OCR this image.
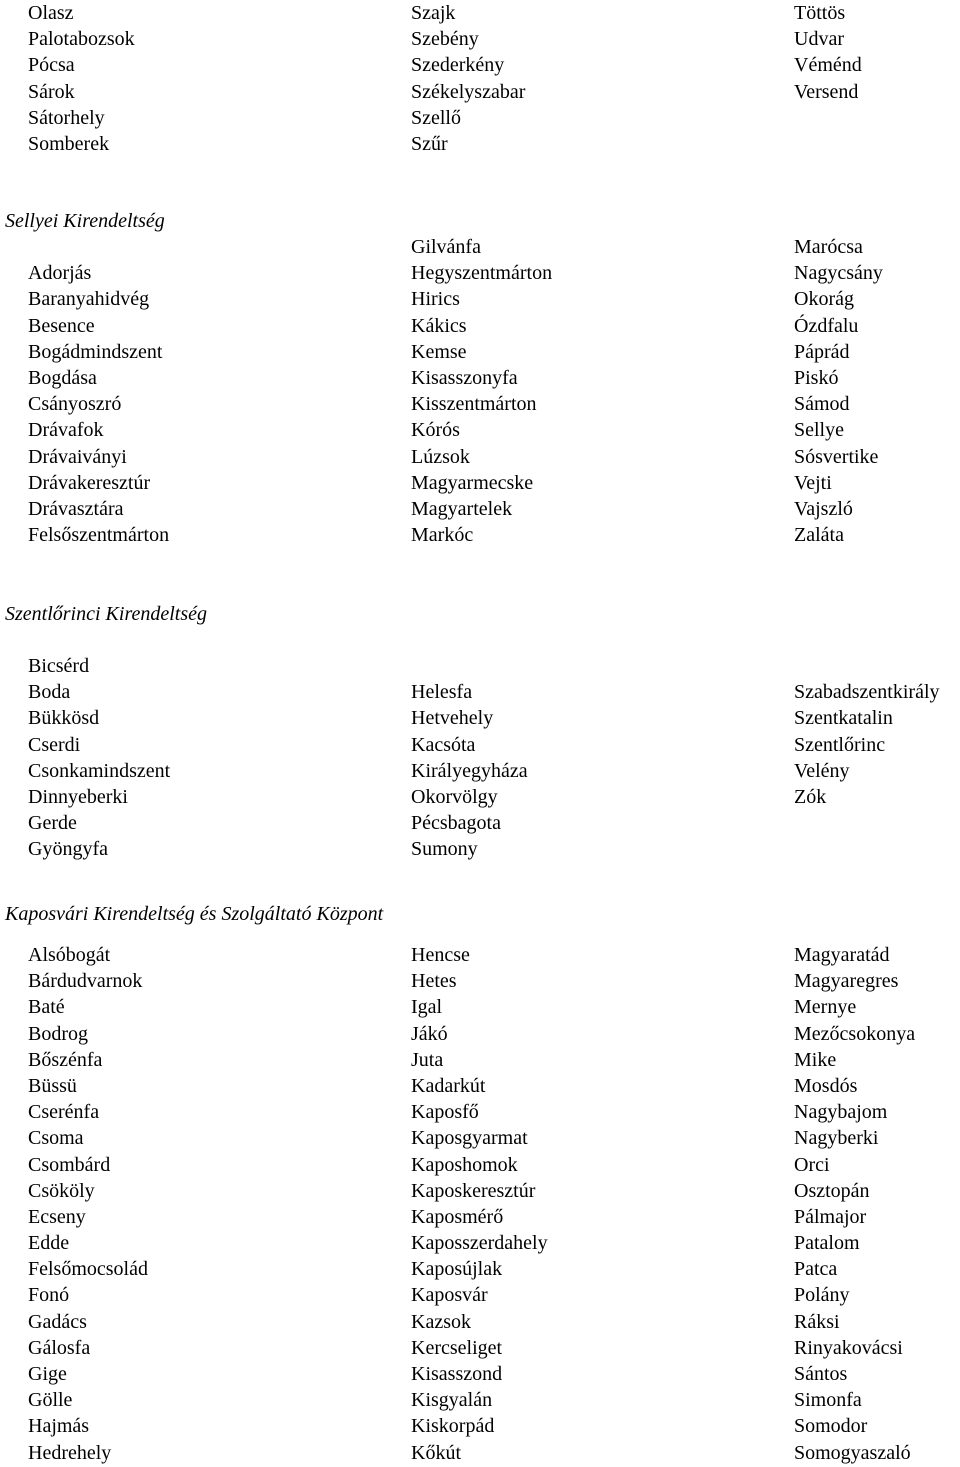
Olasz
Palotabozsok
Pócsa
Sárok
Sátorhely
Somberek
Szajk
Szebény
Szederkény
Székelyszabar
Szellő
Szűr
Töttös
Udvar
Véménd
Versend
Sellyei Kirendeltség
Adorjás
Baranyahidvég
Besence
Bogádmindszent
Bogdása
Csányoszró
Drávafok
Drávaiványi
Drávakeresztúr
Drávasztára
Felsőszentmárton
Gilvánfa
Hegyszentmárton
Hirics
Kákics
Kemse
Kisasszonyfa
Kisszentmárton
Kórós
Lúzsok
Magyarmecske
Magyartelek
Markóc
Marócsa
Nagycsány
Okorág
Ózdfalu
Páprád
Piskó
Sámod
Sellye
Sósvertike
Vejti
Vajszló
Zaláta
Szentlőrinci Kirendeltség
Bicsérd
Boda
Bükkösd
Cserdi
Csonkamindszent
Dinnyeberki
Gerde
Gyöngyfa
Helesfa
Hetvehely
Kacsóta
Királyegyháza
Okorvölgy
Pécsbagota
Sumony
Szabadszentkirály
Szentkatalin
Szentlőrinc
Velény
Zók
Kaposvári Kirendeltség és Szolgáltató Központ
Alsóbogát
Bárdudvarnok
Baté
Bodrog
Bőszénfa
Büssü
Cserénfa
Csoma
Csombárd
Csököly
Ecseny
Edde
Felsőmocsolád
Fonó
Gadács
Gálosfa
Gige
Gölle
Hajmás
Hedrehely
Hencse
Hetes
Igal
Jákó
Juta
Kadarkút
Kaposfő
Kaposgyarmat
Kaposhomok
Kaposkeresztúr
Kaposmérő
Kaposszerdahely
Kaposújlak
Kaposvár
Kazsok
Kercseliget
Kisasszond
Kisgyalán
Kiskorpád
Kőkút
Magyaratád
Magyaregres
Mernye
Mezőcsokonya
Mike
Mosdós
Nagybajom
Nagyberki
Orci
Osztopán
Pálmajor
Patalom
Patca
Polány
Ráksi
Rinyakovácsi
Sántos
Simonfa
Somodor
Somogyaszaló
